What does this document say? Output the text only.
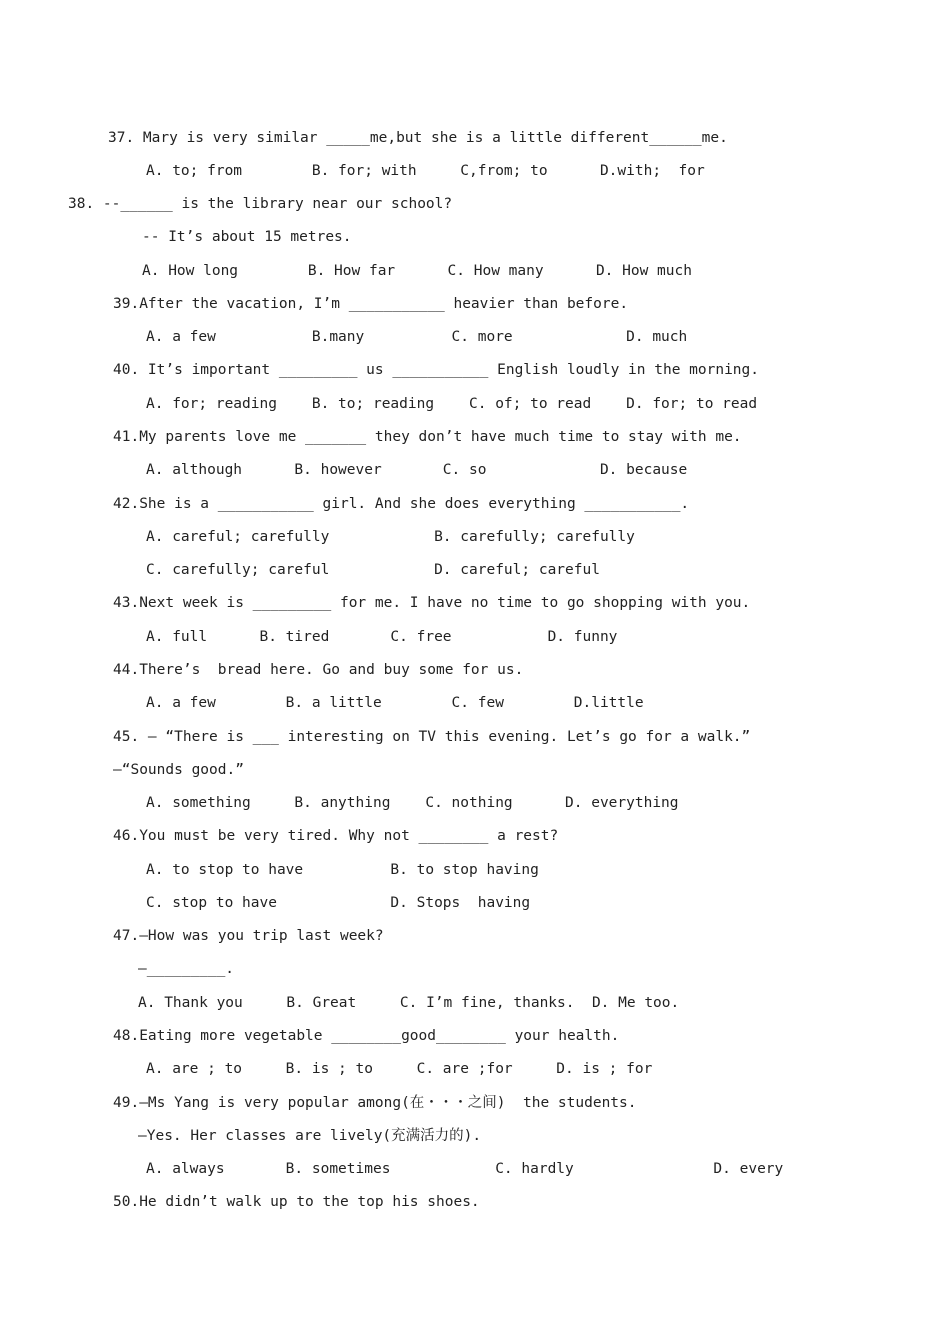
37. Mary is very similar _____me,but she is a little different______me.
A. to; from        B. for; with     C,from; to      D.with;  for
38. --______ is the library near our school?
-- It’s about 15 metres.
A. How long        B. How far      C. How many      D. How much
39.After the vacation, I’m ___________ heavier than before.
A. a few           B.many          C. more             D. much
40. It’s important _________ us ___________ English loudly in the morning.
A. for; reading    B. to; reading    C. of; to read    D. for; to read
41.My parents love me _______ they don’t have much time to stay with me.
A. although      B. however       C. so             D. because
42.She is a ___________ girl. And she does everything ___________.
A. careful; carefully            B. carefully; carefully
C. carefully; careful            D. careful; careful
43.Next week is _________ for me. I have no time to go shopping with you.
A. full      B. tired       C. free           D. funny
44.There’s  bread here. Go and buy some for us.
A. a few        B. a little        C. few        D.little
45. — “There is ___ interesting on TV this evening. Let’s go for a walk.”
—“Sounds good.”
A. something     B. anything    C. nothing      D. everything
46.You must be very tired. Why not ________ a rest?
A. to stop to have          B. to stop having
C. stop to have             D. Stops  having
47.—How was you trip last week?
—_________.
A. Thank you     B. Great     C. I’m fine, thanks.  D. Me too.
48.Eating more vegetable ________good________ your health.
A. are ; to     B. is ; to     C. are ;for     D. is ; for
49.—Ms Yang is very popular among(在・・・之间)  the students.
—Yes. Her classes are lively(充满活力的).
A. always       B. sometimes            C. hardly                D. every
50.He didn’t walk up to the top his shoes.
